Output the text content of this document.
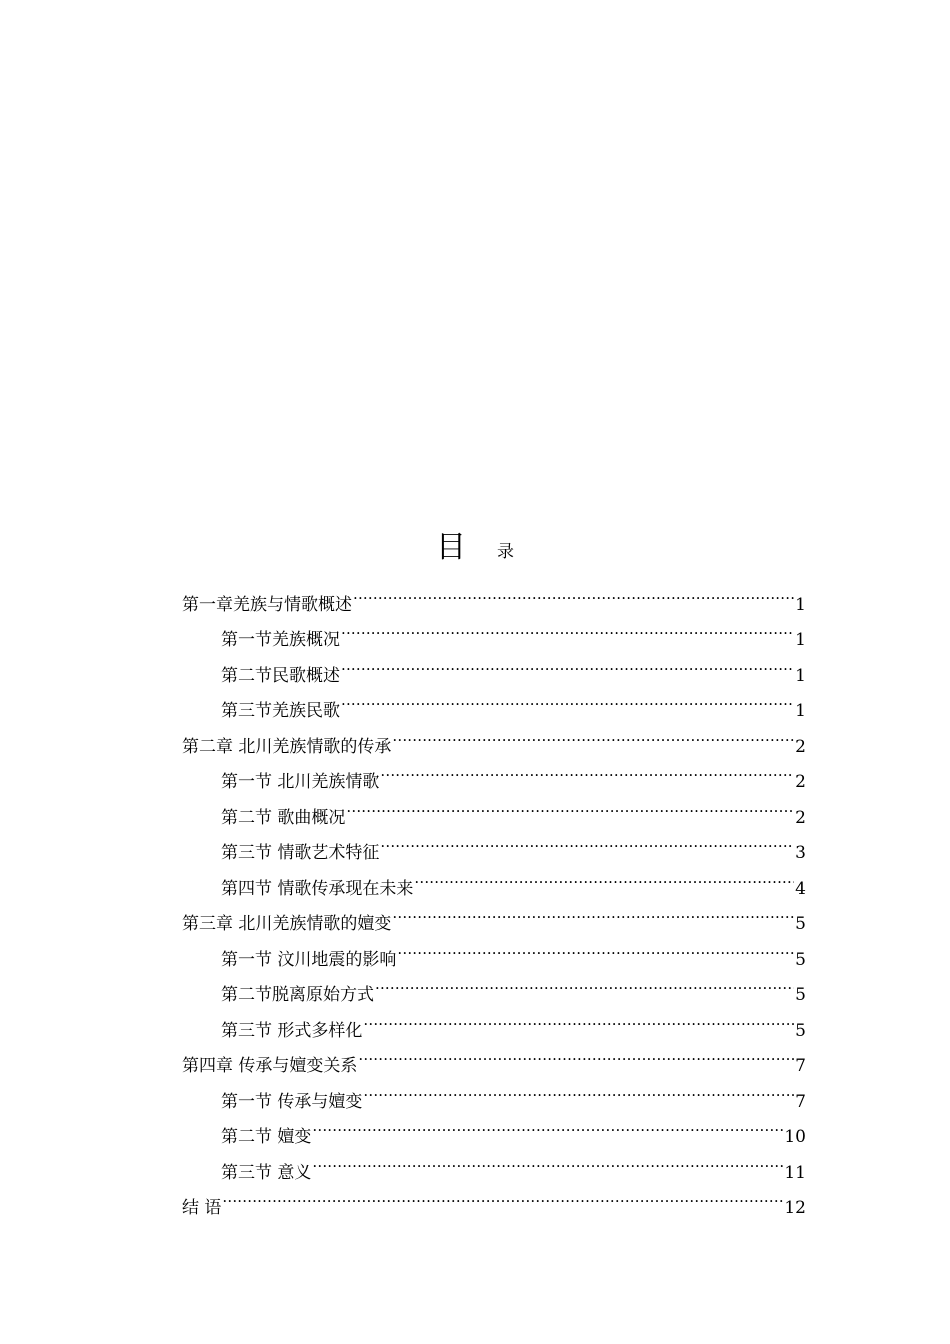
目 录
第一章羌族与情歌概述 .....	1
第一节羌族概况 .....	1
第二节民歌概述 .....	1
第三节羌族民歌 .....	1
第二章 北川羌族情歌的传承 .....	2
第一节 北川羌族情歌 .....	2
第二节 歌曲概况 .....	2
第三节 情歌艺术特征 .....	3
第四节 情歌传承现在未来 .....	4
第三章 北川羌族情歌的嬗变 .....	5
第一节 汶川地震的影响 .....	5
第二节脱离原始方式 .....	5
第三节 形式多样化 .....	5
第四章 传承与嬗变关系 .....	7
第一节 传承与嬗变 .....	7
第二节 嬗变 .....	10
第三节 意义 .....	11
结 语 .....	12
